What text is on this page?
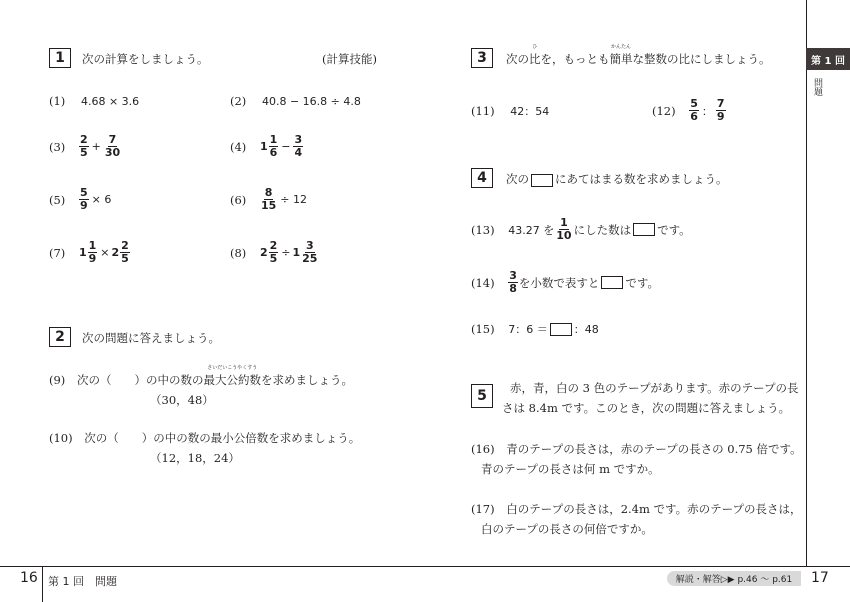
1	次の計算をしましょう。	(計算技能)
(1) 4.68 × 3.6	(2) 40.8 − 16.8 ÷ 4.8
$(3) \frac{2}{5} + \frac{7}{30}$	(4) $1 \frac{1}{6} - \frac{3}{4}$
$(5) \frac{5}{9} \times 6$	$(6) \frac{8}{15} \div 12$
(7) $1 \frac{1}{9} \times 2 \frac{2}{5}$	(8) $2 \frac{2}{5} \div 1 \frac{3}{25}$
2	次の問題に答えましょう。
(9) 次の（　　）の中の数の
さいだいこうやくすう
最大公約数を求めましょう。
（30，48）
(10) 次の（　　）の中の数の最小公倍数を求めましょう。
（12，18，24）
3	次の
ひ
比を，もっとも
かんたん
簡単な整数の比にしましょう。
(11) 42：54	$(12) \frac{5}{6}$ ： $\frac{7}{9}$
4	次の にあてはまる数を求めましょう。
(13) 43.27 を $\frac{1}{10}$ にした数は です。
$(14) \frac{3}{8}$ を小数で表すと です。
(15) 7：6 ＝ ：48
5	赤，青，白の 3 色のテープがあります。赤のテープの長
さは 8.4m です。このとき，次の問題に答えましょう。
(16) 青のテープの長さは，赤のテープの長さの 0.75 倍です。
青のテープの長さは何 m ですか。
(17) 白のテープの長さは，2.4m です。赤のテープの長さは，
白のテープの長さの何倍ですか。
第 1 回
問題
16 第 1 回　問題	解説・解答▷▶ p.46 〜 p.61 17
